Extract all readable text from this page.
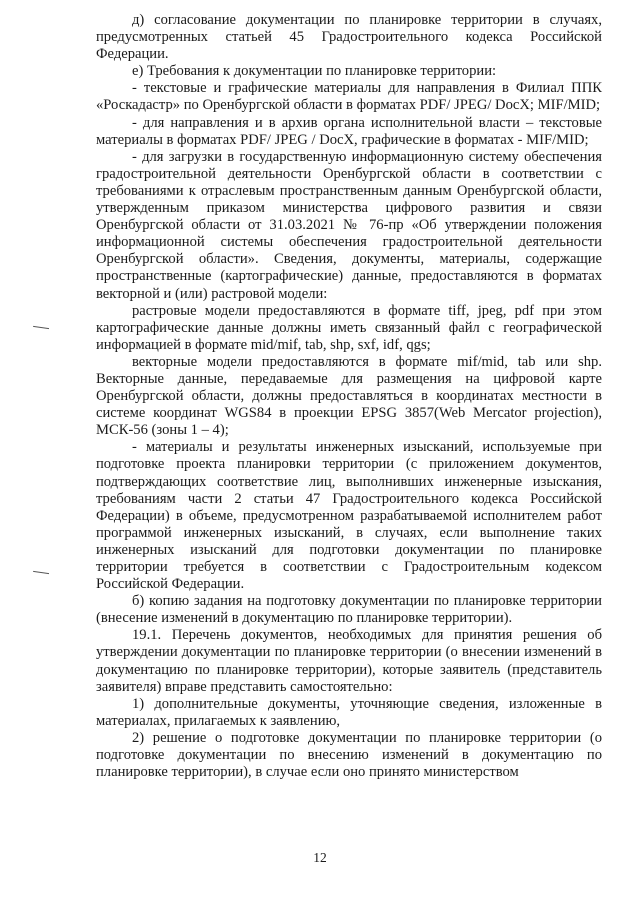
д) согласование документации по планировке территории в случаях, предусмотренных статьей 45 Градостроительного кодекса Российской Федерации.

е) Требования к документации по планировке территории:

- текстовые и графические материалы для направления в Филиал ППК «Роскадастр» по Оренбургской области в форматах PDF/ JPEG/ DocX; MIF/MID;

- для направления и в архив органа исполнительной власти – текстовые материалы в форматах PDF/ JPEG / DocX, графические в форматах - MIF/MID;

- для загрузки в государственную информационную систему обеспечения градостроительной деятельности Оренбургской области в соответствии с требованиями к отраслевым пространственным данным Оренбургской области, утвержденным приказом министерства цифрового развития и связи Оренбургской области от 31.03.2021 № 76-пр «Об утверждении положения информационной системы обеспечения градостроительной деятельности Оренбургской области». Сведения, документы, материалы, содержащие пространственные (картографические) данные, предоставляются в форматах векторной и (или) растровой модели:

растровые модели предоставляются в формате tiff, jpeg, pdf при этом картографические данные должны иметь связанный файл с географической информацией в формате mid/mif, tab, shp, sxf, idf, qgs;

векторные модели предоставляются в формате mif/mid, tab или shp. Векторные данные, передаваемые для размещения на цифровой карте Оренбургской области, должны предоставляться в координатах местности в системе координат WGS84 в проекции EPSG 3857(Web Mercator projection), МСК-56 (зоны 1 – 4);

- материалы и результаты инженерных изысканий, используемые при подготовке проекта планировки территории (с приложением документов, подтверждающих соответствие лиц, выполнивших инженерные изыскания, требованиям части 2 статьи 47 Градостроительного кодекса Российской Федерации) в объеме, предусмотренном разрабатываемой исполнителем работ программой инженерных изысканий, в случаях, если выполнение таких инженерных изысканий для подготовки документации по планировке территории требуется в соответствии с Градостроительным кодексом Российской Федерации.

б) копию задания на подготовку документации по планировке территории (внесение изменений в документацию по планировке территории).

19.1. Перечень документов, необходимых для принятия решения об утверждении документации по планировке территории (о внесении изменений в документацию по планировке территории), которые заявитель (представитель заявителя) вправе представить самостоятельно:

1) дополнительные документы, уточняющие сведения, изложенные в материалах, прилагаемых к заявлению,

2) решение о подготовке документации по планировке территории (о подготовке документации по внесению изменений в документацию по планировке территории), в случае если оно принято министерством

12
